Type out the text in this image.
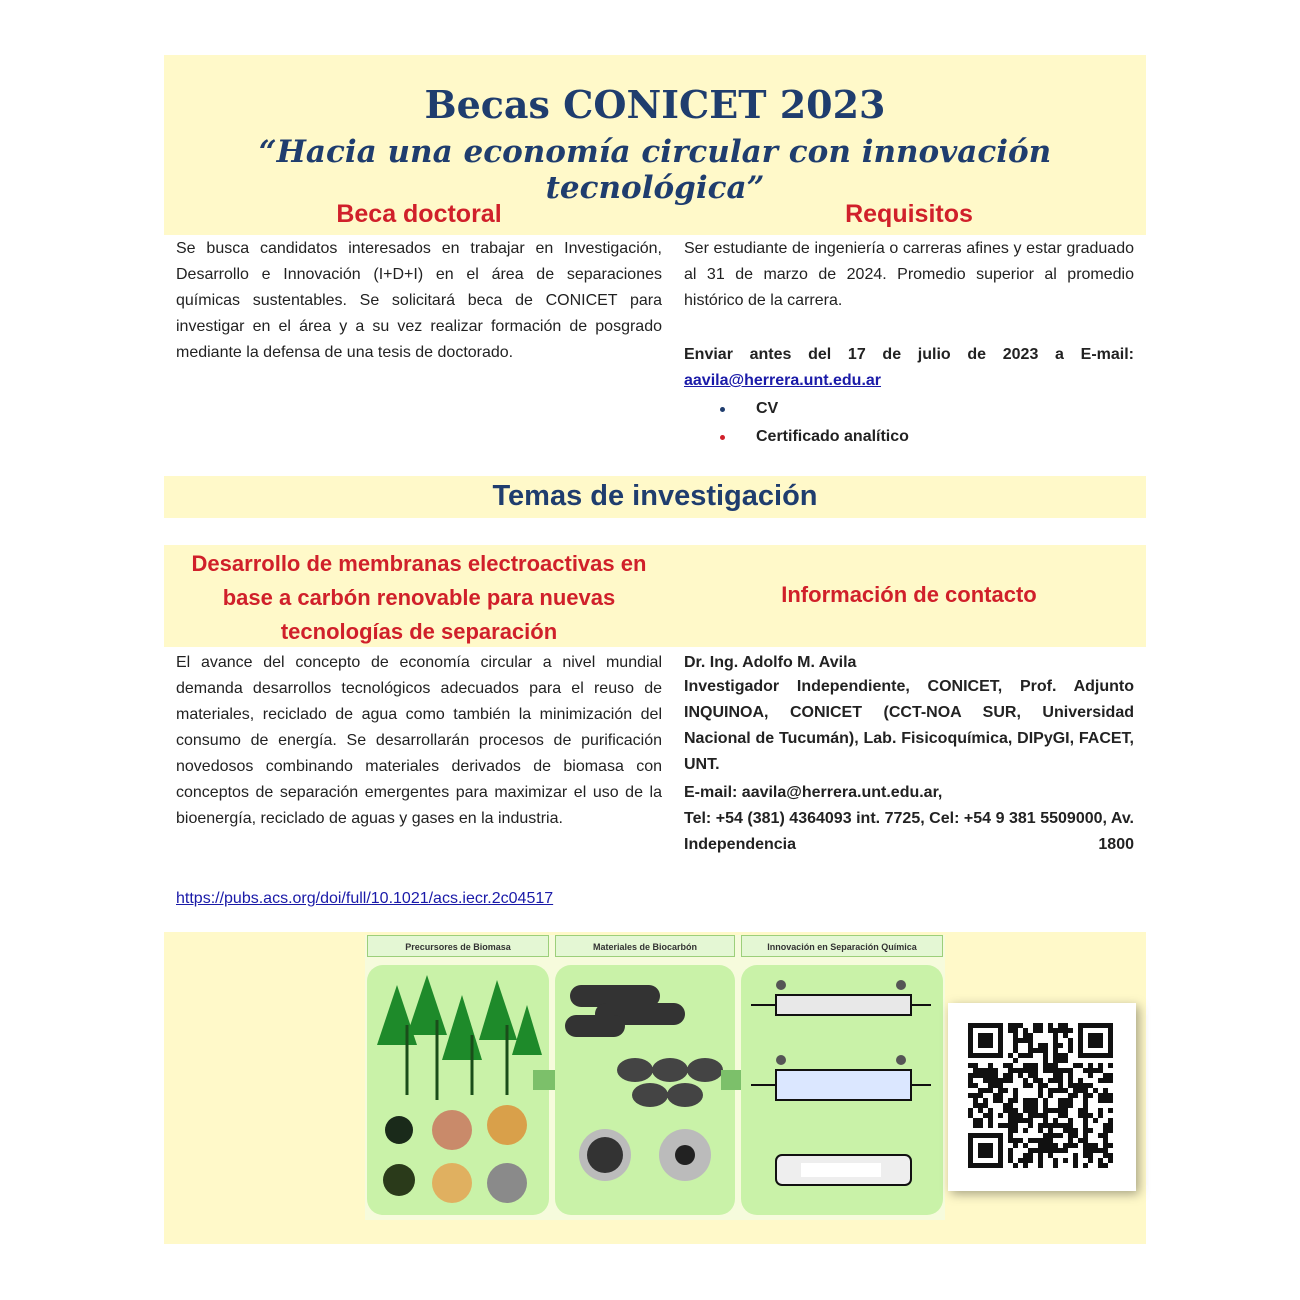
Becas CONICET 2023
“Hacia una economía circular con innovación tecnológica”
Beca doctoral	Requisitos
Se busca candidatos interesados en trabajar en Investigación, Desarrollo e Innovación (I+D+I) en el área de separaciones químicas sustentables. Se solicitará beca de CONICET para investigar en el área y a su vez realizar formación de posgrado mediante la defensa de una tesis de doctorado.
Ser estudiante de ingeniería o carreras afines y estar graduado al 31 de marzo de 2024. Promedio superior al promedio histórico de la carrera.
Enviar antes del 17 de julio de 2023 a E-mail:
aavila@herrera.unt.edu.ar
CV
Certificado analítico
Temas de investigación
Desarrollo de membranas electroactivas en base a carbón renovable para nuevas tecnologías de separación
Información de contacto
El avance del concepto de economía circular a nivel mundial demanda desarrollos tecnológicos adecuados para el reuso de materiales, reciclado de agua como también la minimización del consumo de energía. Se desarrollarán procesos de purificación novedosos combinando materiales derivados de biomasa con conceptos de separación emergentes para maximizar el uso de la bioenergía, reciclado de aguas y gases en la industria.
https://pubs.acs.org/doi/full/10.1021/acs.iecr.2c04517
Dr. Ing. Adolfo M. Avila
Investigador Independiente, CONICET, Prof. Adjunto INQUINOA, CONICET (CCT-NOA SUR, Universidad Nacional de Tucumán), Lab. Fisicoquímica, DIPyGI, FACET, UNT.
E-mail: aavila@herrera.unt.edu.ar,
Tel: +54 (381) 4364093 int. 7725, Cel: +54 9 381 5509000, Av. Independencia 1800
Precursores de Biomasa	Materiales de Biocarbón	Innovación en Separación Química
